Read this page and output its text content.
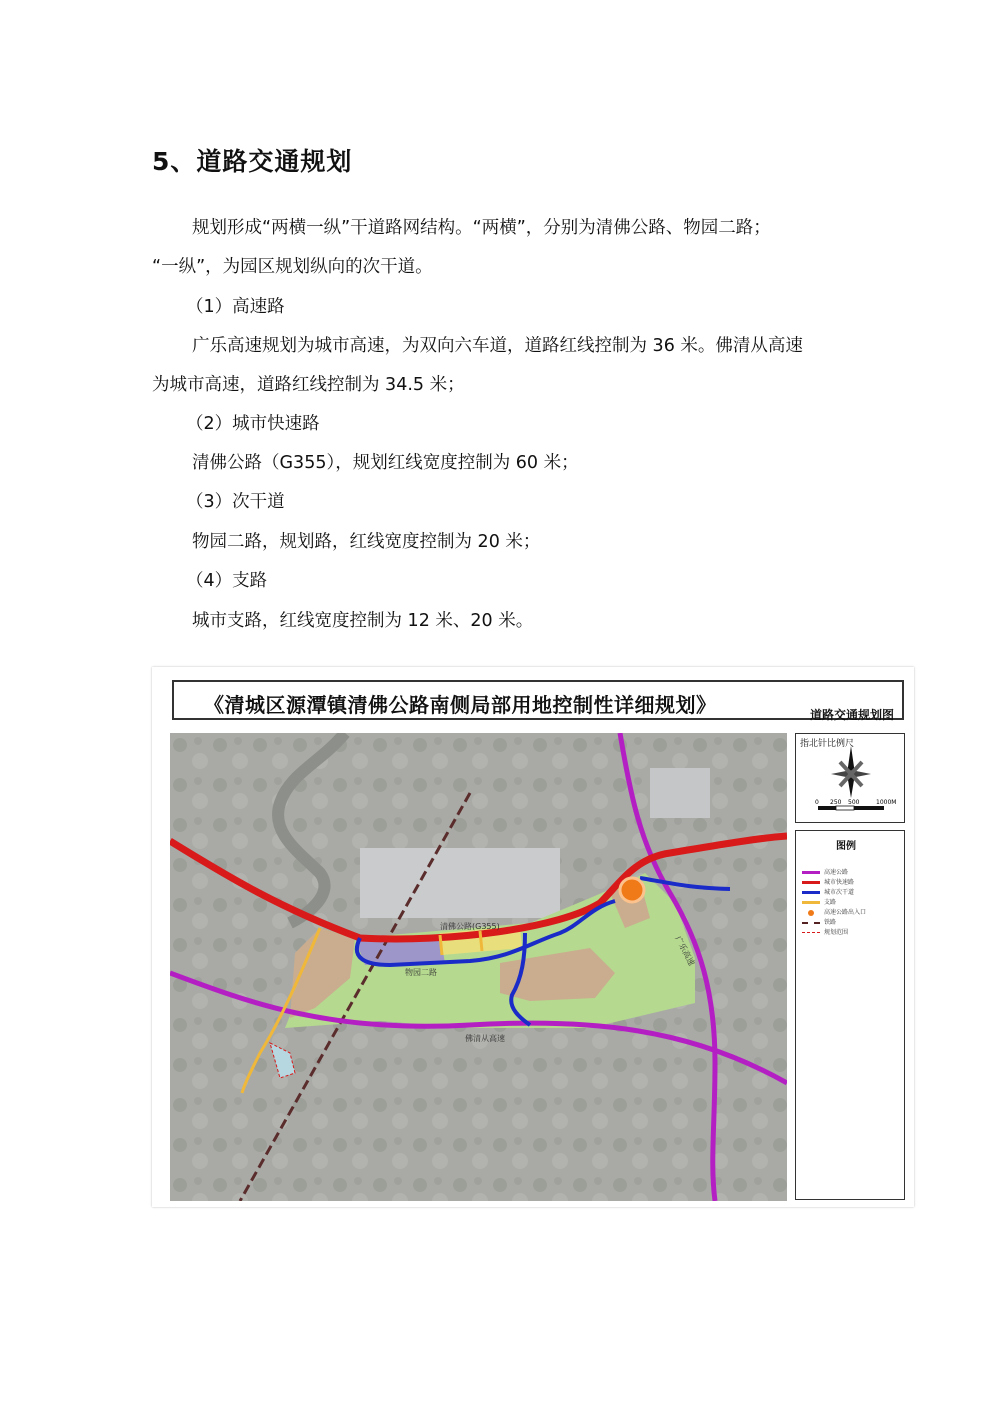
5、道路交通规划
规划形成“两横一纵”干道路网结构。“两横”，分别为清佛公路、物园二路；
“一纵”，为园区规划纵向的次干道。
（1）高速路
广乐高速规划为城市高速，为双向六车道，道路红线控制为 36 米。佛清从高速
为城市高速，道路红线控制为 34.5 米；
（2）城市快速路
清佛公路（G355），规划红线宽度控制为 60 米；
（3）次干道
物园二路，规划路，红线宽度控制为 20 米；
（4）支路
城市支路，红线宽度控制为 12 米、20 米。
《清城区源潭镇清佛公路南侧局部用地控制性详细规划》	道路交通规划图
清佛公路(G355)
物园二路
佛清从高速
广乐高速
指北针比例尺
0 250 500	1000M
图例
高速公路
城市快速路
城市次干道
支路
高速公路出入口
铁路
规划范围
